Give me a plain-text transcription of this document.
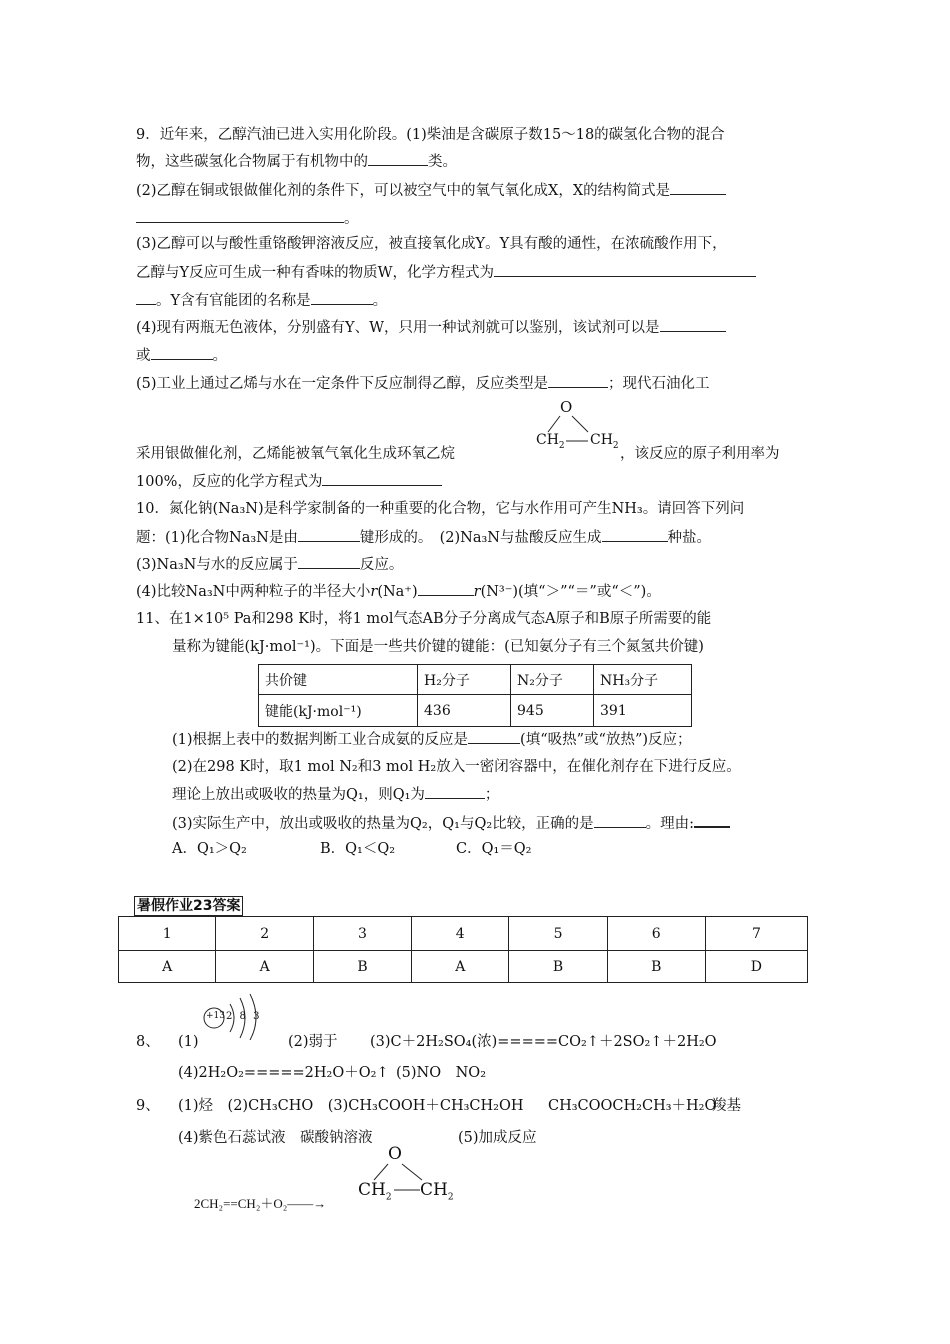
9．近年来，乙醇汽油已进入实用化阶段。(1)柴油是含碳原子数15～18的碳氢化合物的混合
物，这些碳氢化合物属于有机物中的	类。
(2)乙醇在铜或银做催化剂的条件下，可以被空气中的氧气氧化成X，X的结构简式是
。
(3)乙醇可以与酸性重铬酸钾溶液反应，被直接氧化成Y。Y具有酸的通性，在浓硫酸作用下，
乙醇与Y反应可生成一种有香味的物质W，化学方程式为
。Y含有官能团的名称是	。
(4)现有两瓶无色液体，分别盛有Y、W，只用一种试剂就可以鉴别，该试剂可以是
或	。
(5)工业上通过乙烯与水在一定条件下反应制得乙醇，反应类型是	；现代石油化工
O
$CH_2$ $CH_2$
采用银做催化剂，乙烯能被氧气氧化生成环氧乙烷	，该反应的原子利用率为
100%，反应的化学方程式为
10．氮化钠(Na₃N)是科学家制备的一种重要的化合物，它与水作用可产生NH₃。请回答下列问
题：(1)化合物Na₃N是由	键形成的。　(2)Na₃N与盐酸反应生成	种盐。
(3)Na₃N与水的反应属于	反应。
(4)比较Na₃N中两种粒子的半径大小r(Na⁺)	r(N³⁻)(填“＞”“＝”或“＜”)。
11、在1×10⁵ Pa和298 K时，将1 mol气态AB分子分离成气态A原子和B原子所需要的能
量称为键能(kJ·mol⁻¹)。下面是一些共价键的键能：(已知氨分子有三个氮氢共价键)
共价键	H₂分子	N₂分子	NH₃分子
键能(kJ·mol⁻¹)	436	945	391
(1)根据上表中的数据判断工业合成氨的反应是	(填“吸热”或“放热”)反应；
(2)在298 K时，取1 mol N₂和3 mol H₂放入一密闭容器中，在催化剂存在下进行反应。
理论上放出或吸收的热量为Q₁，则Q₁为	；
(3)实际生产中，放出或吸收的热量为Q₂，Q₁与Q₂比较，正确的是	。理由:
A．Q₁＞Q₂	B．Q₁＜Q₂	C．Q₁＝Q₂
暑假作业23答案
1	2	3	4	5	6	7
A	A	B	A	B	B	D
+13 2 8 3
8、 (1)	(2)弱于 (3)C＋2H₂SO₄(浓)=====CO₂↑＋2SO₂↑＋2H₂O
(4)2H₂O₂=====2H₂O＋O₂↑ (5)NO　NO₂
9、 (1)烃　(2)CH₃CHO　(3)CH₃COOH＋CH₃CH₂OH CH₃COOCH₂CH₃＋H₂O
羧基
(4)紫色石蕊试液　碳酸钠溶液	(5)加成反应
2CH₂==CH₂＋O₂——→
O
$CH_2$ $CH_2$
